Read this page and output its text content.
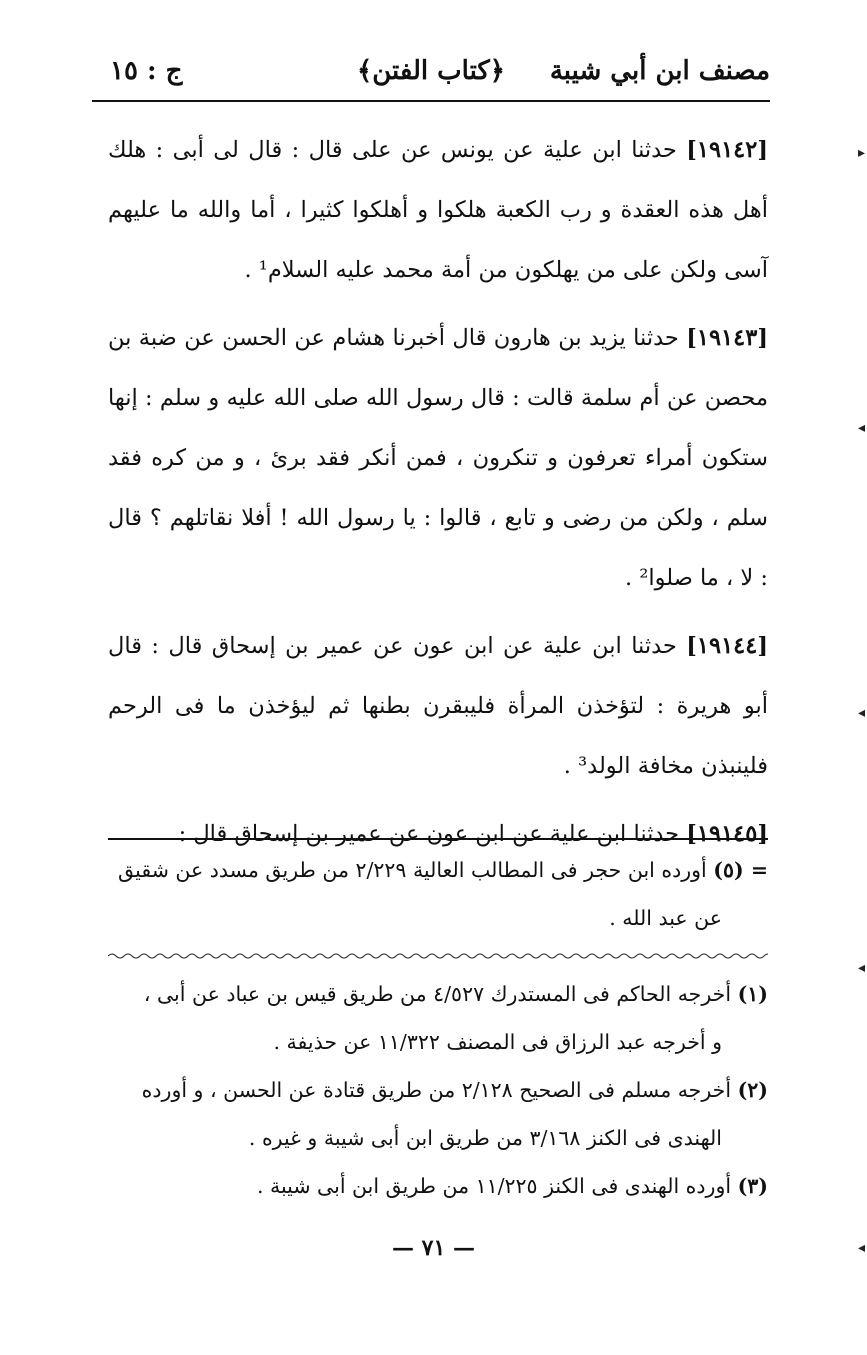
مصنف ابن أبي شيبة
﴿كتاب الفتن﴾
ج : ١٥

[١٩١٤٢] حدثنا ابن علية عن يونس عن على قال : قال لى أبى : هلك أهل هذه العقدة و رب الكعبة هلكوا و أهلكوا كثيرا ، أما والله ما عليهم آسى ولكن على من يهلكون من أمة محمد عليه السلام¹ .

[١٩١٤٣] حدثنا يزيد بن هارون قال أخبرنا هشام عن الحسن عن ضبة بن محصن عن أم سلمة قالت : قال رسول الله صلى الله عليه و سلم : إنها ستكون أمراء تعرفون و تنكرون ، فمن أنكر فقد برئ ، و من كره فقد سلم ، ولكن من رضى و تابع ، قالوا : يا رسول الله ! أفلا نقاتلهم ؟ قال : لا ، ما صلوا² .

[١٩١٤٤] حدثنا ابن علية عن ابن عون عن عمير بن إسحاق قال : قال أبو هريرة : لتؤخذن المرأة فليبقرن بطنها ثم ليؤخذن ما فى الرحم فلينبذن مخافة الولد³ .

[١٩١٤٥] حدثنا ابن علية عن ابن عون عن عمير بن إسحاق قال :

= (٥) أورده ابن حجر فى المطالب العالية ٢/٢٢٩ من طريق مسدد عن شقيق

عن عبد الله .

(١) أخرجه الحاكم فى المستدرك ٤/٥٢٧ من طريق قيس بن عباد عن أبى ،

و أخرجه عبد الرزاق فى المصنف ١١/٣٢٢ عن حذيفة .

(٢) أخرجه مسلم فى الصحيح ٢/١٢٨ من طريق قتادة عن الحسن ، و أورده

الهندى فى الكنز ٣/١٦٨ من طريق ابن أبى شيبة و غيره .

(٣) أورده الهندى فى الكنز ١١/٢٢٥ من طريق ابن أبى شيبة .

— ٧١ —
▸
◂
◂
◂
◂
